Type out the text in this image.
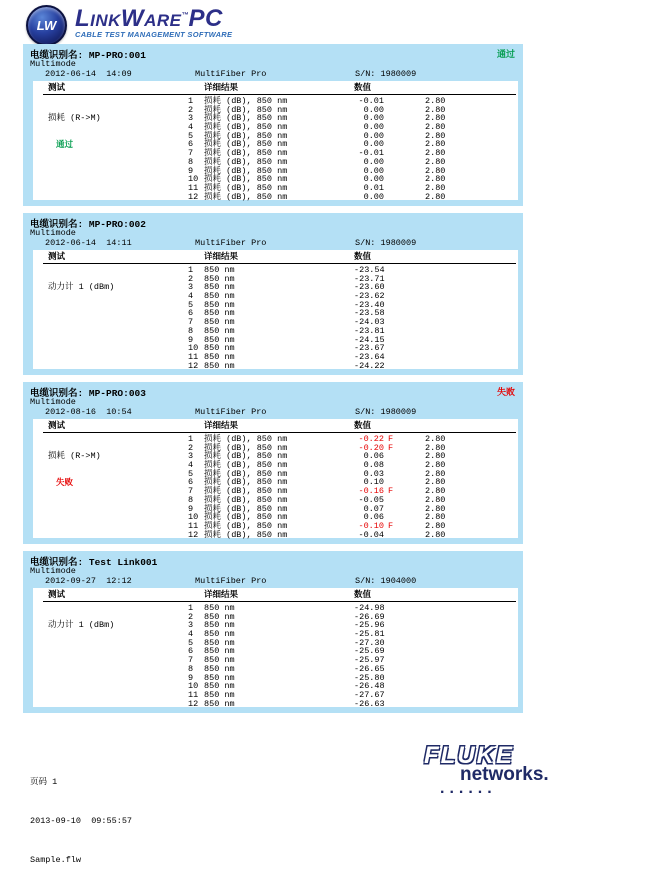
LW LinkWare™PC
CABLE TEST MANAGEMENT SOFTWARE
电缆识别名: MP-PRO:001	通过
Multimode
2012-06-14  14:09	MultiFiber Pro	S/N: 1980009
测试	详细结果	数值

损耗 (R->M)

通过

1	损耗 (dB), 850 nm	-0.01	2.80
2	损耗 (dB), 850 nm	0.00	2.80
3	损耗 (dB), 850 nm	0.00	2.80
4	损耗 (dB), 850 nm	0.00	2.80
5	损耗 (dB), 850 nm	0.00	2.80
6	损耗 (dB), 850 nm	0.00	2.80
7	损耗 (dB), 850 nm	-0.01	2.80
8	损耗 (dB), 850 nm	0.00	2.80
9	损耗 (dB), 850 nm	0.00	2.80
10 损耗 (dB), 850 nm	0.00	2.80
11 损耗 (dB), 850 nm	0.01	2.80
12 损耗 (dB), 850 nm	0.00	2.80
电缆识别名: MP-PRO:002
Multimode
2012-06-14  14:11	MultiFiber Pro	S/N: 1980009
测试	详细结果	数值

动力计 1 (dBm)

1	850 nm	-23.54
2	850 nm	-23.71
3	850 nm	-23.60
4	850 nm	-23.62
5	850 nm	-23.40
6	850 nm	-23.58
7	850 nm	-24.03
8	850 nm	-23.81
9	850 nm	-24.15
10 850 nm	-23.67
11 850 nm	-23.64
12 850 nm	-24.22
电缆识别名: MP-PRO:003	失败
Multimode
2012-08-16  10:54	MultiFiber Pro	S/N: 1980009
测试	详细结果	数值

损耗 (R->M)

失败

1	损耗 (dB), 850 nm	-0.22 F	2.80
2	损耗 (dB), 850 nm	-0.20 F	2.80
3	损耗 (dB), 850 nm	0.06	2.80
4	损耗 (dB), 850 nm	0.08	2.80
5	损耗 (dB), 850 nm	0.03	2.80
6	损耗 (dB), 850 nm	0.10	2.80
7	损耗 (dB), 850 nm	-0.16 F	2.80
8	损耗 (dB), 850 nm	-0.05	2.80
9	损耗 (dB), 850 nm	0.07	2.80
10 损耗 (dB), 850 nm	0.06	2.80
11 损耗 (dB), 850 nm	-0.10 F	2.80
12 损耗 (dB), 850 nm	-0.04	2.80
电缆识别名: Test Link001
Multimode
2012-09-27  12:12	MultiFiber Pro	S/N: 1904000
测试	详细结果	数值

动力计 1 (dBm)

1	850 nm	-24.98
2	850 nm	-26.69
3	850 nm	-25.96
4	850 nm	-25.81
5	850 nm	-27.30
6	850 nm	-25.69
7	850 nm	-25.97
8	850 nm	-26.65
9	850 nm	-25.80
10 850 nm	-26.48
11 850 nm	-27.67
12 850 nm	-26.63

页码 1

2013-09-10  09:55:57

Sample.flw

FLUKE
networks.
......
